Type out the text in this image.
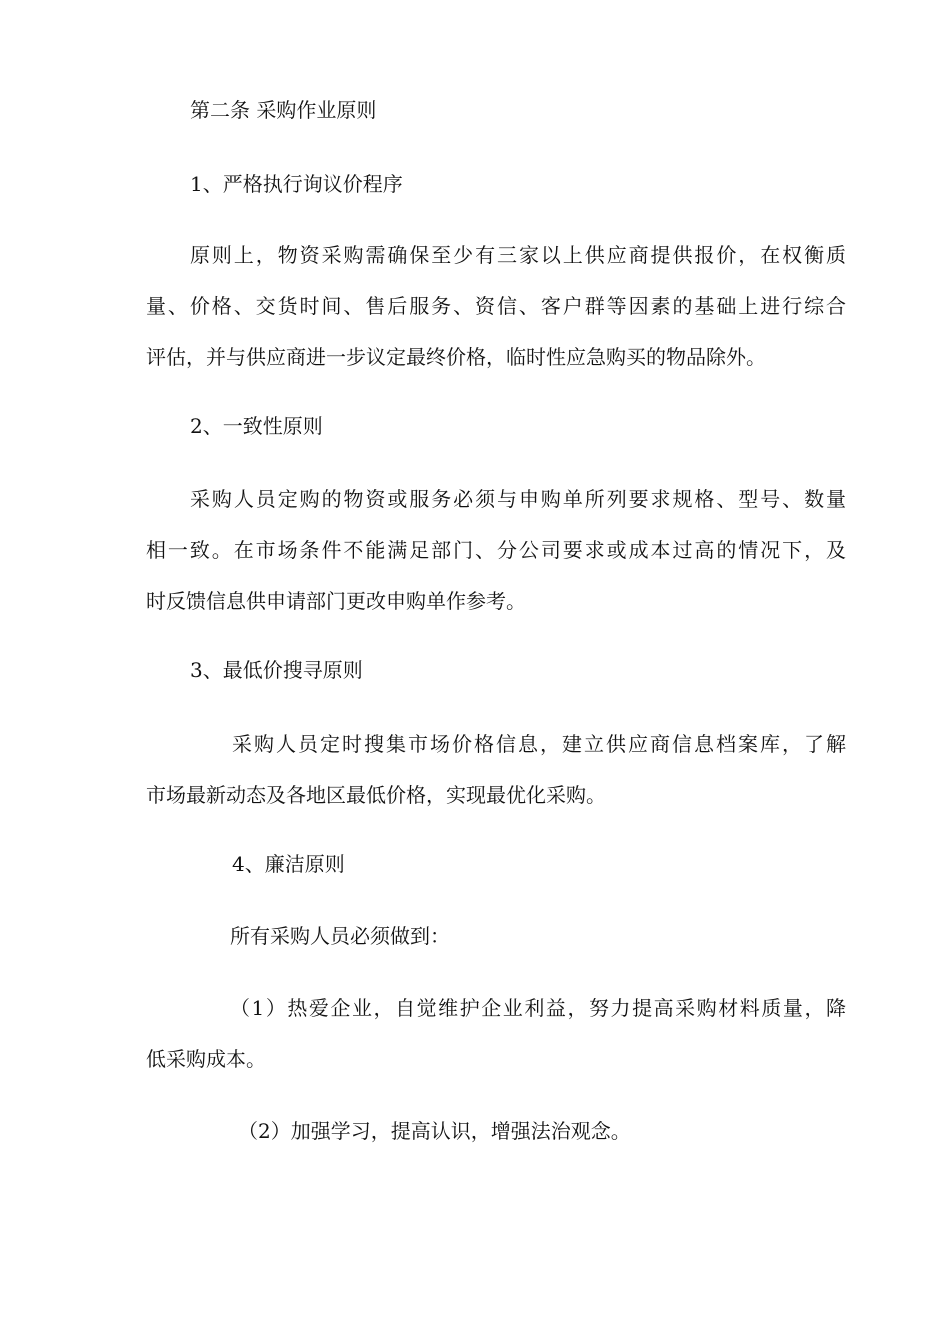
第二条 采购作业原则
1、严格执行询议价程序
原则上，物资采购需确保至少有三家以上供应商提供报价，在权衡质
量、价格、交货时间、售后服务、资信、客户群等因素的基础上进行综合
评估，并与供应商进一步议定最终价格，临时性应急购买的物品除外。
2、一致性原则
采购人员定购的物资或服务必须与申购单所列要求规格、型号、数量
相一致。在市场条件不能满足部门、分公司要求或成本过高的情况下，及
时反馈信息供申请部门更改申购单作参考。
3、最低价搜寻原则
采购人员定时搜集市场价格信息，建立供应商信息档案库，了解
市场最新动态及各地区最低价格，实现最优化采购。
4、廉洁原则
所有采购人员必须做到：
（1）热爱企业，自觉维护企业利益，努力提高采购材料质量，降
低采购成本。
（2）加强学习，提高认识，增强法治观念。
